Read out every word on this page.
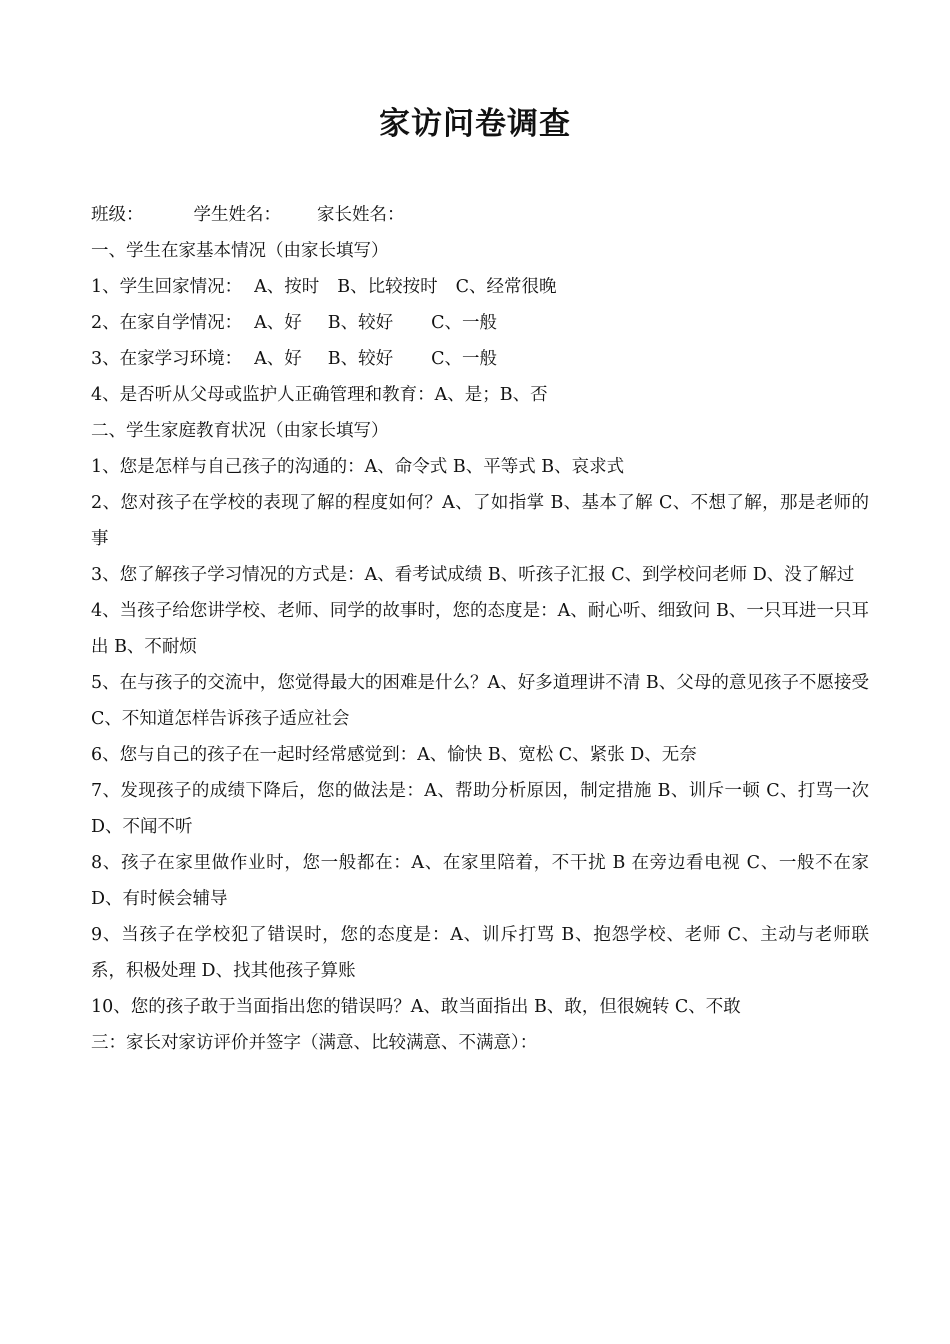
家访问卷调查
班级：	学生姓名： 家长姓名：
一、学生在家基本情况（由家长填写）
1、学生回家情况： A、按时 B、比较按时 C、经常很晚
2、在家自学情况： A、好 B、较好 C、一般
3、在家学习环境： A、好 B、较好 C、一般
4、是否听从父母或监护人正确管理和教育：A、是；B、否
二、学生家庭教育状况（由家长填写）
1、您是怎样与自己孩子的沟通的：A、命令式 B、平等式 B、哀求式
2、您对孩子在学校的表现了解的程度如何？A、了如指掌 B、基本了解 C、不想了解，那是老师的事
3、您了解孩子学习情况的方式是：A、看考试成绩 B、听孩子汇报 C、到学校问老师 D、没了解过
4、当孩子给您讲学校、老师、同学的故事时，您的态度是：A、耐心听、细致问 B、一只耳进一只耳出 B、不耐烦
5、在与孩子的交流中，您觉得最大的困难是什么？A、好多道理讲不清 B、父母的意见孩子不愿接受 C、不知道怎样告诉孩子适应社会
6、您与自己的孩子在一起时经常感觉到：A、愉快 B、宽松 C、紧张 D、无奈
7、发现孩子的成绩下降后，您的做法是：A、帮助分析原因，制定措施 B、训斥一顿 C、打骂一次 D、不闻不听
8、孩子在家里做作业时，您一般都在：A、在家里陪着，不干扰 B 在旁边看电视 C、一般不在家 D、有时候会辅导
9、当孩子在学校犯了错误时，您的态度是：A、训斥打骂 B、抱怨学校、老师 C、主动与老师联系，积极处理 D、找其他孩子算账
10、您的孩子敢于当面指出您的错误吗？A、敢当面指出 B、敢，但很婉转 C、不敢
三：家长对家访评价并签字（满意、比较满意、不满意）：
